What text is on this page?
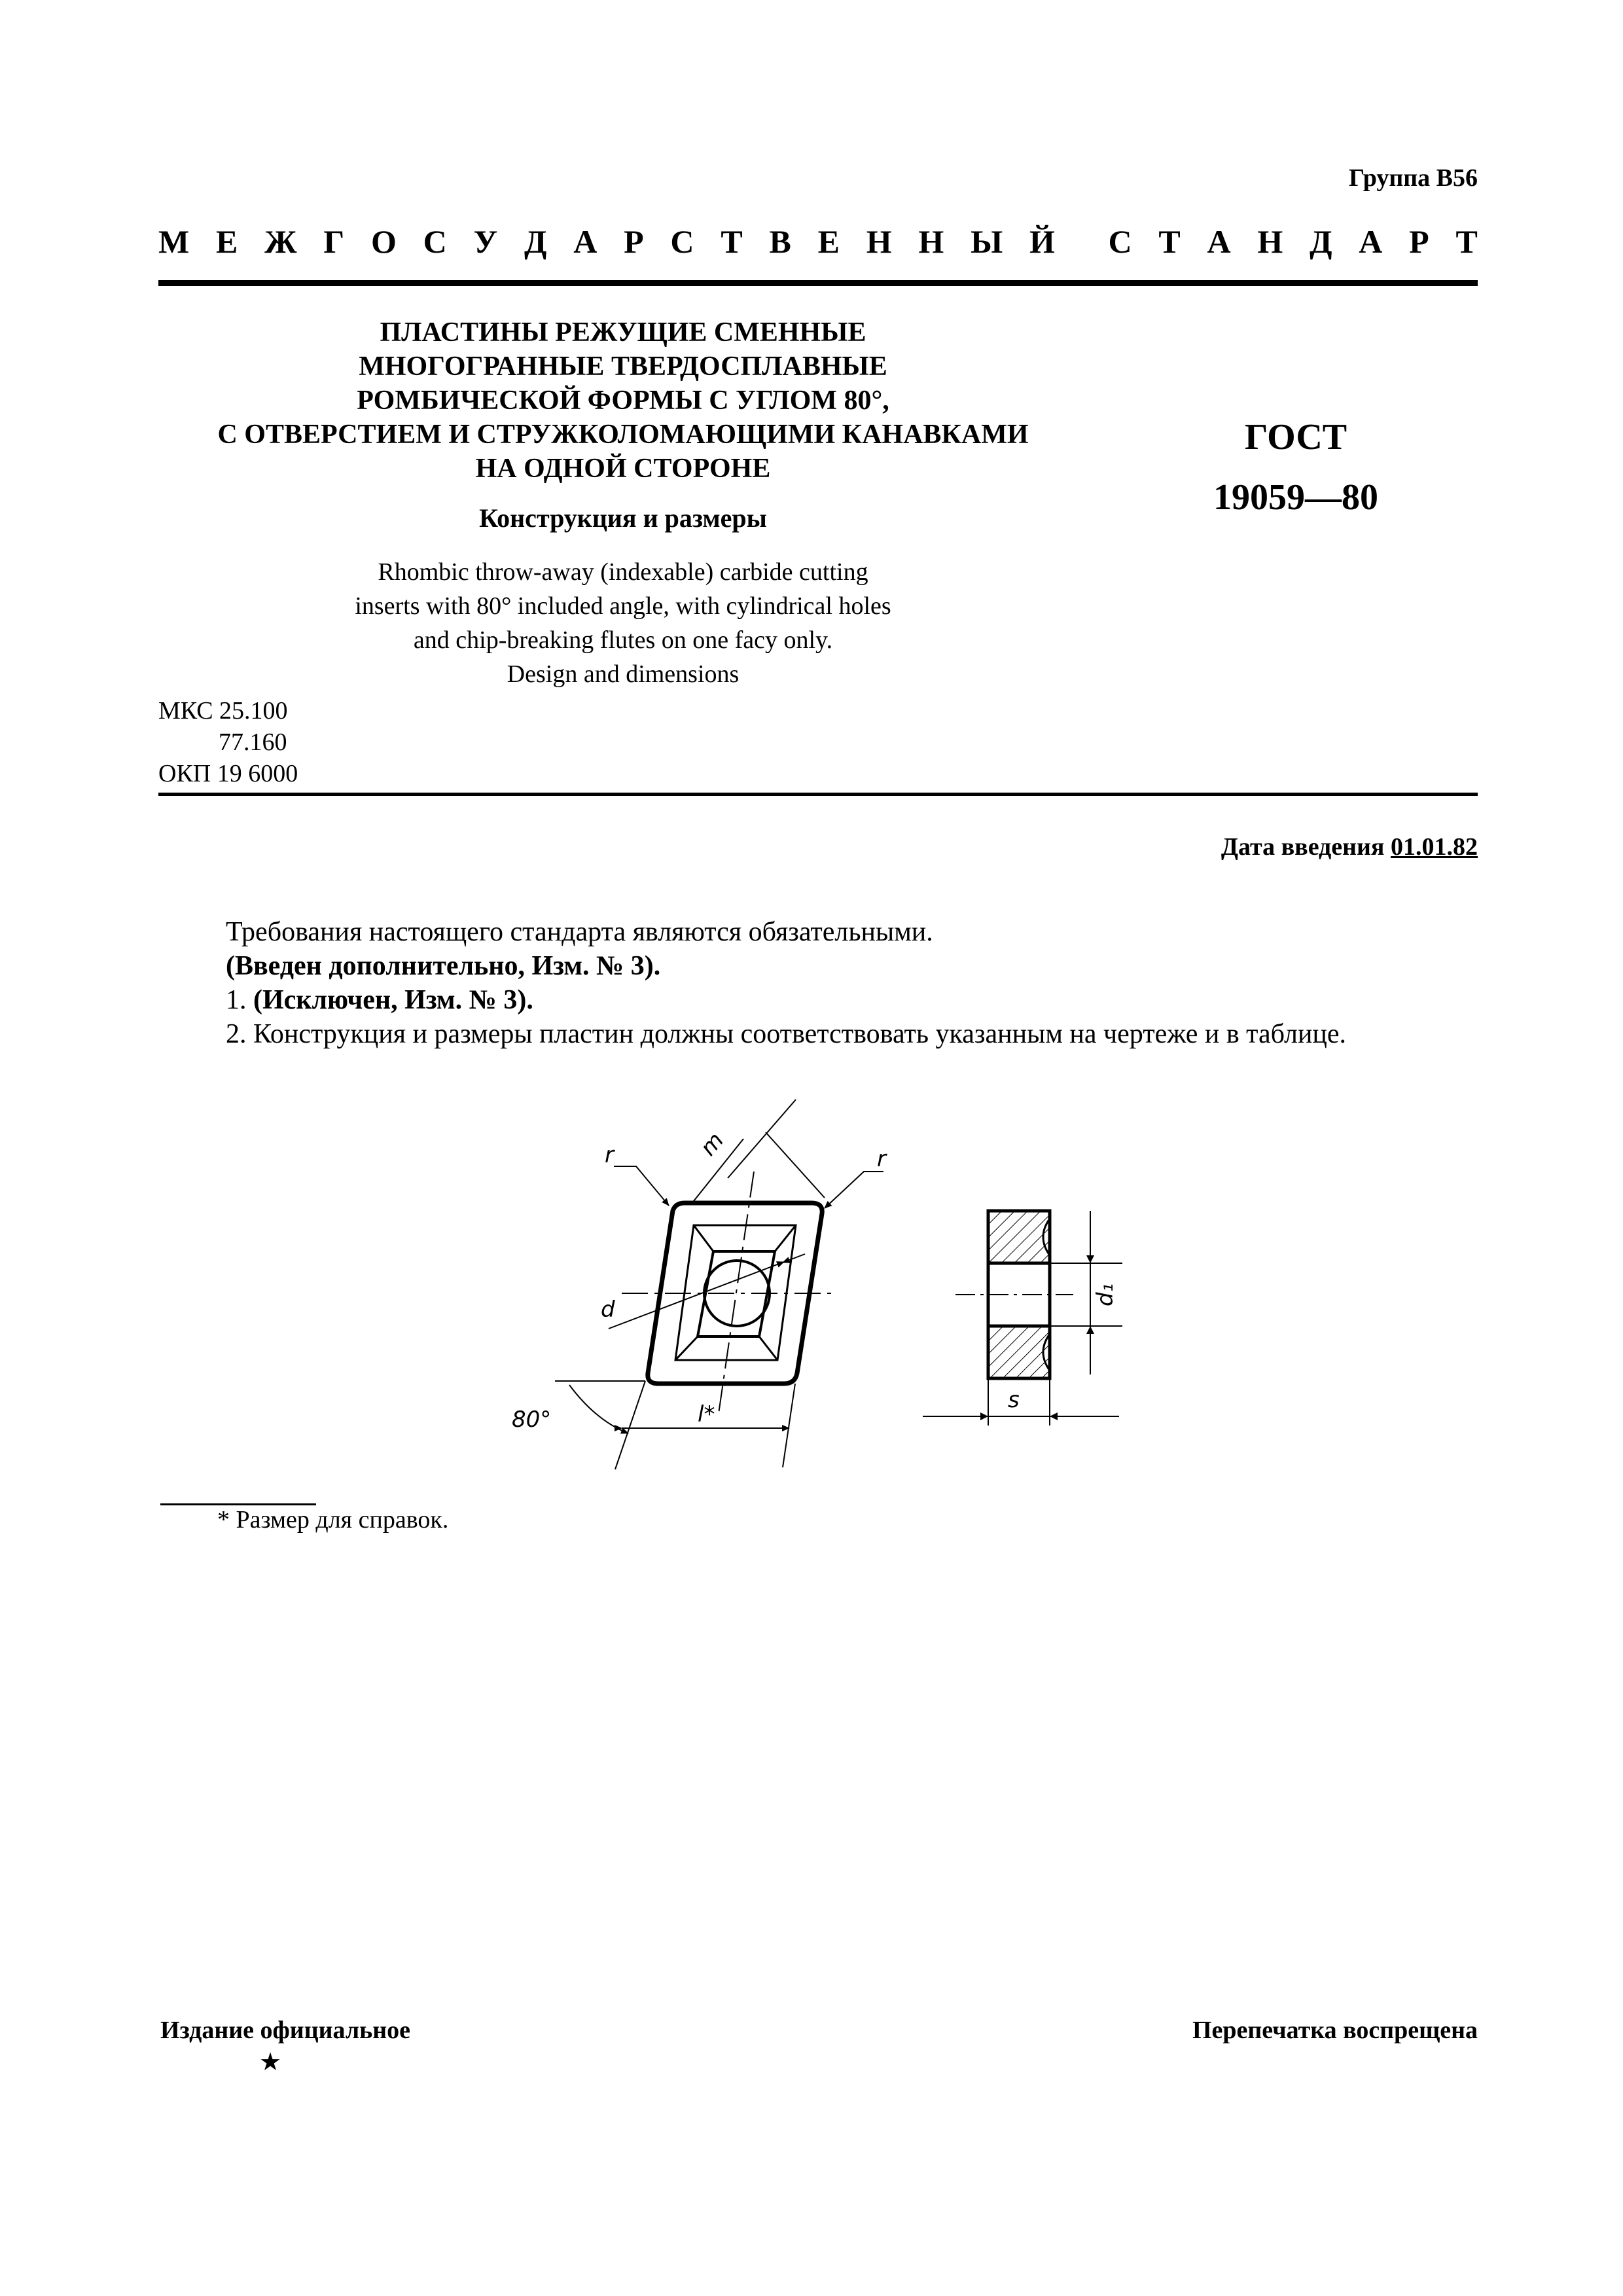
Группа В56
М Е Ж Г О С У Д А Р С Т В Е Н Н Ы Й С Т А Н Д А Р Т
ПЛАСТИНЫ РЕЖУЩИЕ СМЕННЫЕ
МНОГОГРАННЫЕ ТВЕРДОСПЛАВНЫЕ
РОМБИЧЕСКОЙ ФОРМЫ С УГЛОМ 80°,
С ОТВЕРСТИЕМ И СТРУЖКОЛОМАЮЩИМИ КАНАВКАМИ
НА ОДНОЙ СТОРОНЕ
Конструкция и размеры
Rhombic throw-away (indexable) carbide cutting
inserts with 80° included angle, with cylindrical holes
and chip-breaking flutes on one facy only.
Design and dimensions
ГОСТ
19059—80
МКС 25.100
77.160
ОКП 19 6000
Дата введения 01.01.82
Требования настоящего стандарта являются обязательными.
(Введен дополнительно, Изм. № 3).
1. (Исключен, Изм. № 3).
2. Конструкция и размеры пластин должны соответствовать указанным на чертеже и в таблице.
d
m
r	r
80°	l*
d₁
s
* Размер для справок.
Издание официальное	Перепечатка воспрещена
★
